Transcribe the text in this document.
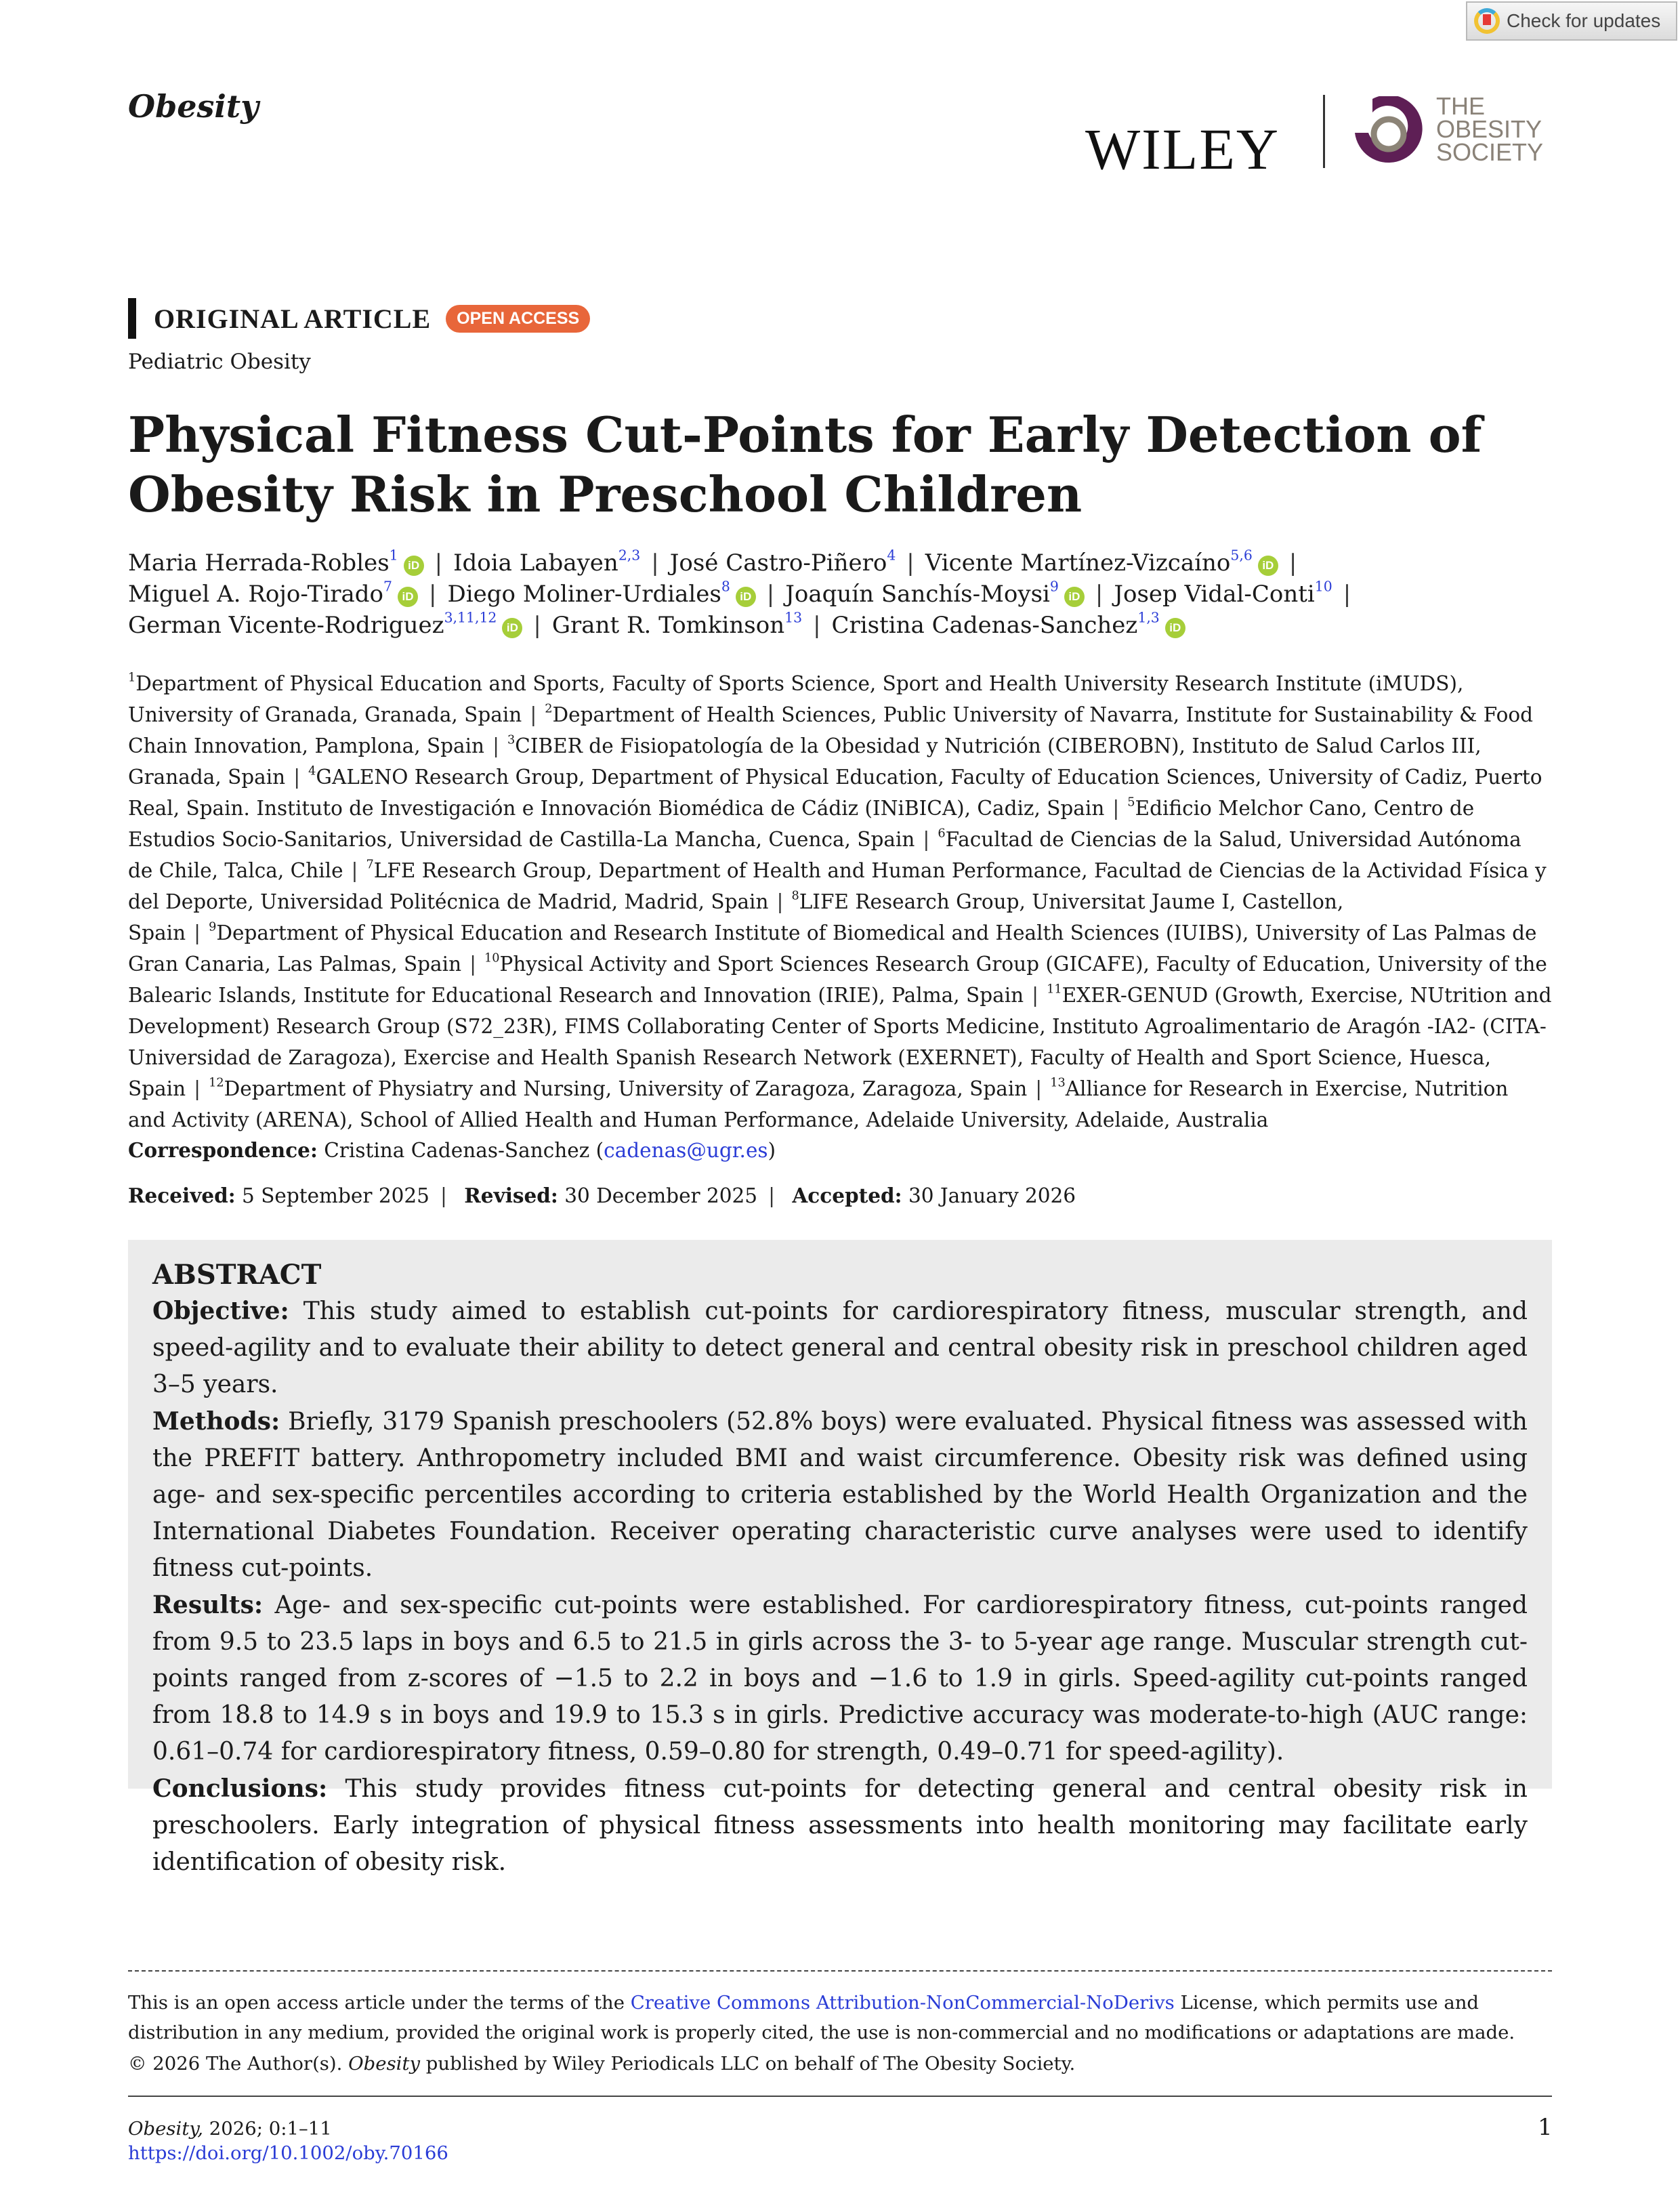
Check for updates
Obesity
WILEY
THE
OBESITY
SOCIETY
ORIGINAL ARTICLE	OPEN ACCESS
Pediatric Obesity
Physical Fitness Cut-Points for Early Detection of Obesity Risk in Preschool Children
Maria Herrada-Robles$^1$iD | Idoia Labayen$^{2,3}$ | José Castro-Piñero$^4$ | Vicente Martínez-Vizcaíno$^{5,6}$iD |
Miguel A. Rojo-Tirado$^7$iD | Diego Moliner-Urdiales$^8$iD | Joaquín Sanchís-Moysi$^9$iD | Josep Vidal-Conti$^{10}$ |
German Vicente-Rodriguez$^{3,11,12}$iD | Grant R. Tomkinson$^{13}$ | Cristina Cadenas-Sanchez$^{1,3}$iD
$^1$Department of Physical Education and Sports, Faculty of Sports Science, Sport and Health University Research Institute (iMUDS), University of Granada, Granada, Spain | $^2$Department of Health Sciences, Public University of Navarra, Institute for Sustainability & Food Chain Innovation, Pamplona, Spain | $^3$CIBER de Fisiopatología de la Obesidad y Nutrición (CIBEROBN), Instituto de Salud Carlos III, Granada, Spain | $^4$GALENO Research Group, Department of Physical Education, Faculty of Education Sciences, University of Cadiz, Puerto Real, Spain. Instituto de Investigación e Innovación Biomédica de Cádiz (INiBICA), Cadiz, Spain | $^5$Edificio Melchor Cano, Centro de Estudios Socio-Sanitarios, Universidad de Castilla-La Mancha, Cuenca, Spain | $^6$Facultad de Ciencias de la Salud, Universidad Autónoma de Chile, Talca, Chile | $^7$LFE Research Group, Department of Health and Human Performance, Facultad de Ciencias de la Actividad Física y del Deporte, Universidad Politécnica de Madrid, Madrid, Spain | $^8$LIFE Research Group, Universitat Jaume I, Castellon, Spain | $^9$Department of Physical Education and Research Institute of Biomedical and Health Sciences (IUIBS), University of Las Palmas de Gran Canaria, Las Palmas, Spain | $^{10}$Physical Activity and Sport Sciences Research Group (GICAFE), Faculty of Education, University of the Balearic Islands, Institute for Educational Research and Innovation (IRIE), Palma, Spain | $^{11}$EXER-GENUD (Growth, Exercise, NUtrition and Development) Research Group (S72_23R), FIMS Collaborating Center of Sports Medicine, Instituto Agroalimentario de Aragón -IA2- (CITA-Universidad de Zaragoza), Exercise and Health Spanish Research Network (EXERNET), Faculty of Health and Sport Science, Huesca, Spain | $^{12}$Department of Physiatry and Nursing, University of Zaragoza, Zaragoza, Spain | $^{13}$Alliance for Research in Exercise, Nutrition and Activity (ARENA), School of Allied Health and Human Performance, Adelaide University, Adelaide, Australia
Correspondence: Cristina Cadenas-Sanchez (cadenas@ugr.es)
Received: 5 September 2025 | Revised: 30 December 2025 | Accepted: 30 January 2026
ABSTRACT

Objective: This study aimed to establish cut-points for cardiorespiratory fitness, muscular strength, and speed-agility and to evaluate their ability to detect general and central obesity risk in preschool children aged 3–5 years.

Methods: Briefly, 3179 Spanish preschoolers (52.8% boys) were evaluated. Physical fitness was assessed with the PREFIT battery. Anthropometry included BMI and waist circumference. Obesity risk was defined using age- and sex-specific percentiles according to criteria established by the World Health Organization and the International Diabetes Foundation. Receiver operating characteristic curve analyses were used to identify fitness cut-points.

Results: Age- and sex-specific cut-points were established. For cardiorespiratory fitness, cut-points ranged from 9.5 to 23.5 laps in boys and 6.5 to 21.5 in girls across the 3- to 5-year age range. Muscular strength cut-points ranged from z-scores of −1.5 to 2.2 in boys and −1.6 to 1.9 in girls. Speed-agility cut-points ranged from 18.8 to 14.9 s in boys and 19.9 to 15.3 s in girls. Predictive accuracy was moderate-to-high (AUC range: 0.61–0.74 for cardiorespiratory fitness, 0.59–0.80 for strength, 0.49–0.71 for speed-agility).

Conclusions: This study provides fitness cut-points for detecting general and central obesity risk in preschoolers. Early integration of physical fitness assessments into health monitoring may facilitate early identification of obesity risk.

This is an open access article under the terms of the Creative Commons Attribution-NonCommercial-NoDerivs License, which permits use and distribution in any medium, provided the original work is properly cited, the use is non-commercial and no modifications or adaptations are made.
© 2026 The Author(s). Obesity published by Wiley Periodicals LLC on behalf of The Obesity Society.
Obesity, 2026; 0:1–11
https://doi.org/10.1002/oby.70166
1
